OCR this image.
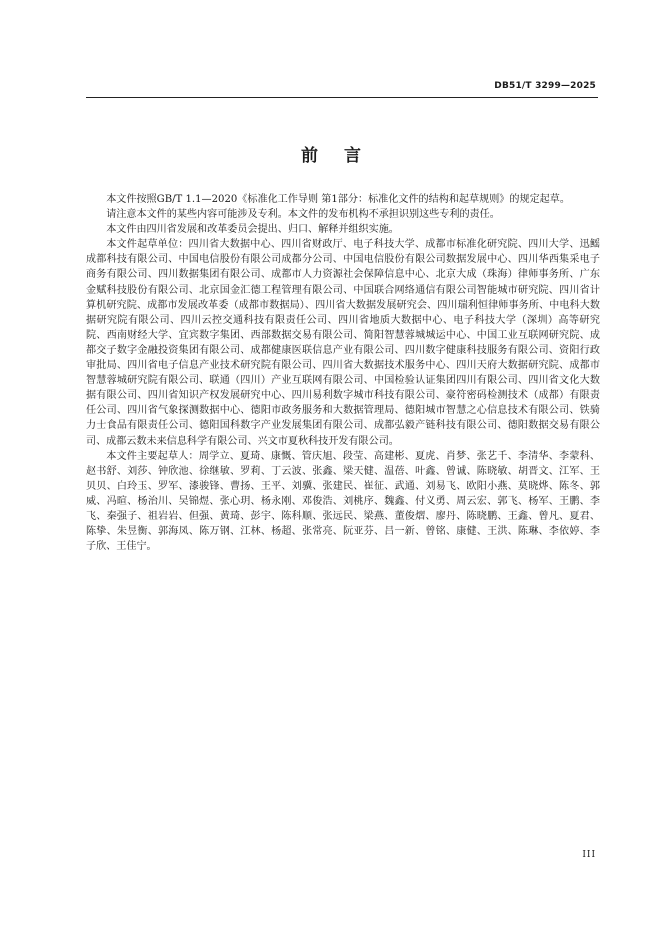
DB51/T 3299—2025
前言

本文件按照GB/T 1.1—2020《标准化工作导则 第1部分：标准化文件的结构和起草规则》的规定起草。

请注意本文件的某些内容可能涉及专利。本文件的发布机构不承担识别这些专利的责任。

本文件由四川省发展和改革委员会提出、归口、解释并组织实施。

本文件起草单位：四川省大数据中心、四川省财政厅、电子科技大学、成都市标准化研究院、四川大学、迅鳐成都科技有限公司、中国电信股份有限公司成都分公司、中国电信股份有限公司数据发展中心、四川华西集采电子商务有限公司、四川数据集团有限公司、成都市人力资源社会保障信息中心、北京大成（珠海）律师事务所、广东金赋科技股份有限公司、北京国金汇德工程管理有限公司、中国联合网络通信有限公司智能城市研究院、四川省计算机研究院、成都市发展改革委（成都市数据局）、四川省大数据发展研究会、四川瑞利恒律师事务所、中电科大数据研究院有限公司、四川云控交通科技有限责任公司、四川省地质大数据中心、电子科技大学（深圳）高等研究院、西南财经大学、宜宾数字集团、西部数据交易有限公司、简阳智慧蓉城城运中心、中国工业互联网研究院、成都交子数字金融投资集团有限公司、成都健康医联信息产业有限公司、四川数字健康科技服务有限公司、资阳行政审批局、四川省电子信息产业技术研究院有限公司、四川省大数据技术服务中心、四川天府大数据研究院、成都市智慧蓉城研究院有限公司、联通（四川）产业互联网有限公司、中国检验认证集团四川有限公司、四川省文化大数据有限公司、四川省知识产权发展研究中心、四川易利数字城市科技有限公司、豪符密码检测技术（成都）有限责任公司、四川省气象探测数据中心、德阳市政务服务和大数据管理局、德阳城市智慧之心信息技术有限公司、铁骑力士食品有限责任公司、德阳国科数字产业发展集团有限公司、成都弘毅产链科技有限公司、德阳数据交易有限公司、成都云数未来信息科学有限公司、兴文市夏秋科技开发有限公司。

本文件主要起草人：周学立、夏琦、康慨、管庆旭、段莹、高建彬、夏虎、肖梦、张艺千、李清华、李蒙科、赵书舒、刘莎、钟欣池、徐继敏、罗莉、丁云波、张鑫、梁天健、温蓓、叶鑫、曾诚、陈晓敏、胡晋文、江军、王贝贝、白玲玉、罗军、漆骏锋、曹扬、王平、刘骥、张建民、崔征、武通、刘易飞、欧阳小燕、莫晓烨、陈冬、郭威、冯暄、杨治川、吴锦煜、张心玥、杨永刚、邓俊浩、刘桃序、魏鑫、付义勇、周云宏、郭飞、杨军、王鹏、李飞、秦强子、祖岩岩、但强、黄琦、彭宇、陈科顺、张远民、梁燕、董俊熠、廖丹、陈晓鹏、王鑫、曾凡、夏君、陈挚、朱昱衡、郭海凤、陈万钢、江林、杨超、张常亮、阮亚芬、吕一新、曾铭、康健、王洪、陈琳、李依婷、李子欣、王佳宁。

III
